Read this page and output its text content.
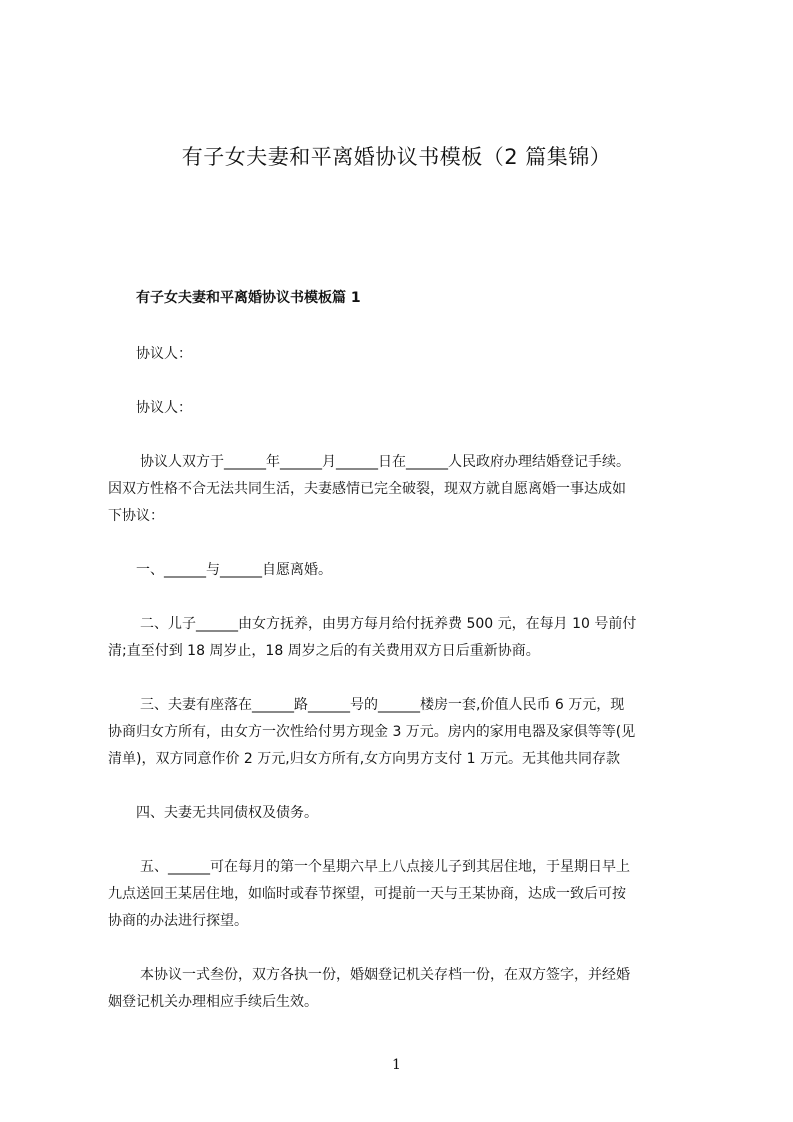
有子女夫妻和平离婚协议书模板（2 篇集锦）
有子女夫妻和平离婚协议书模板篇 1
协议人：
协议人：
协议人双方于______年______月______日在______人民政府办理结婚登记手续。
因双方性格不合无法共同生活，夫妻感情已完全破裂，现双方就自愿离婚一事达成如
下协议：
一、______与______自愿离婚。
二、儿子______由女方抚养，由男方每月给付抚养费 500 元，在每月 10 号前付
清;直至付到 18 周岁止，18 周岁之后的有关费用双方日后重新协商。
三、夫妻有座落在______路______号的______楼房一套,价值人民币 6 万元，现
协商归女方所有，由女方一次性给付男方现金 3 万元。房内的家用电器及家俱等等(见
清单)，双方同意作价 2 万元,归女方所有,女方向男方支付 1 万元。无其他共同存款
四、夫妻无共同债权及债务。
五、______可在每月的第一个星期六早上八点接儿子到其居住地，于星期日早上
九点送回王某居住地，如临时或春节探望，可提前一天与王某协商，达成一致后可按
协商的办法进行探望。
本协议一式叁份，双方各执一份，婚姻登记机关存档一份，在双方签字，并经婚
姻登记机关办理相应手续后生效。
1
